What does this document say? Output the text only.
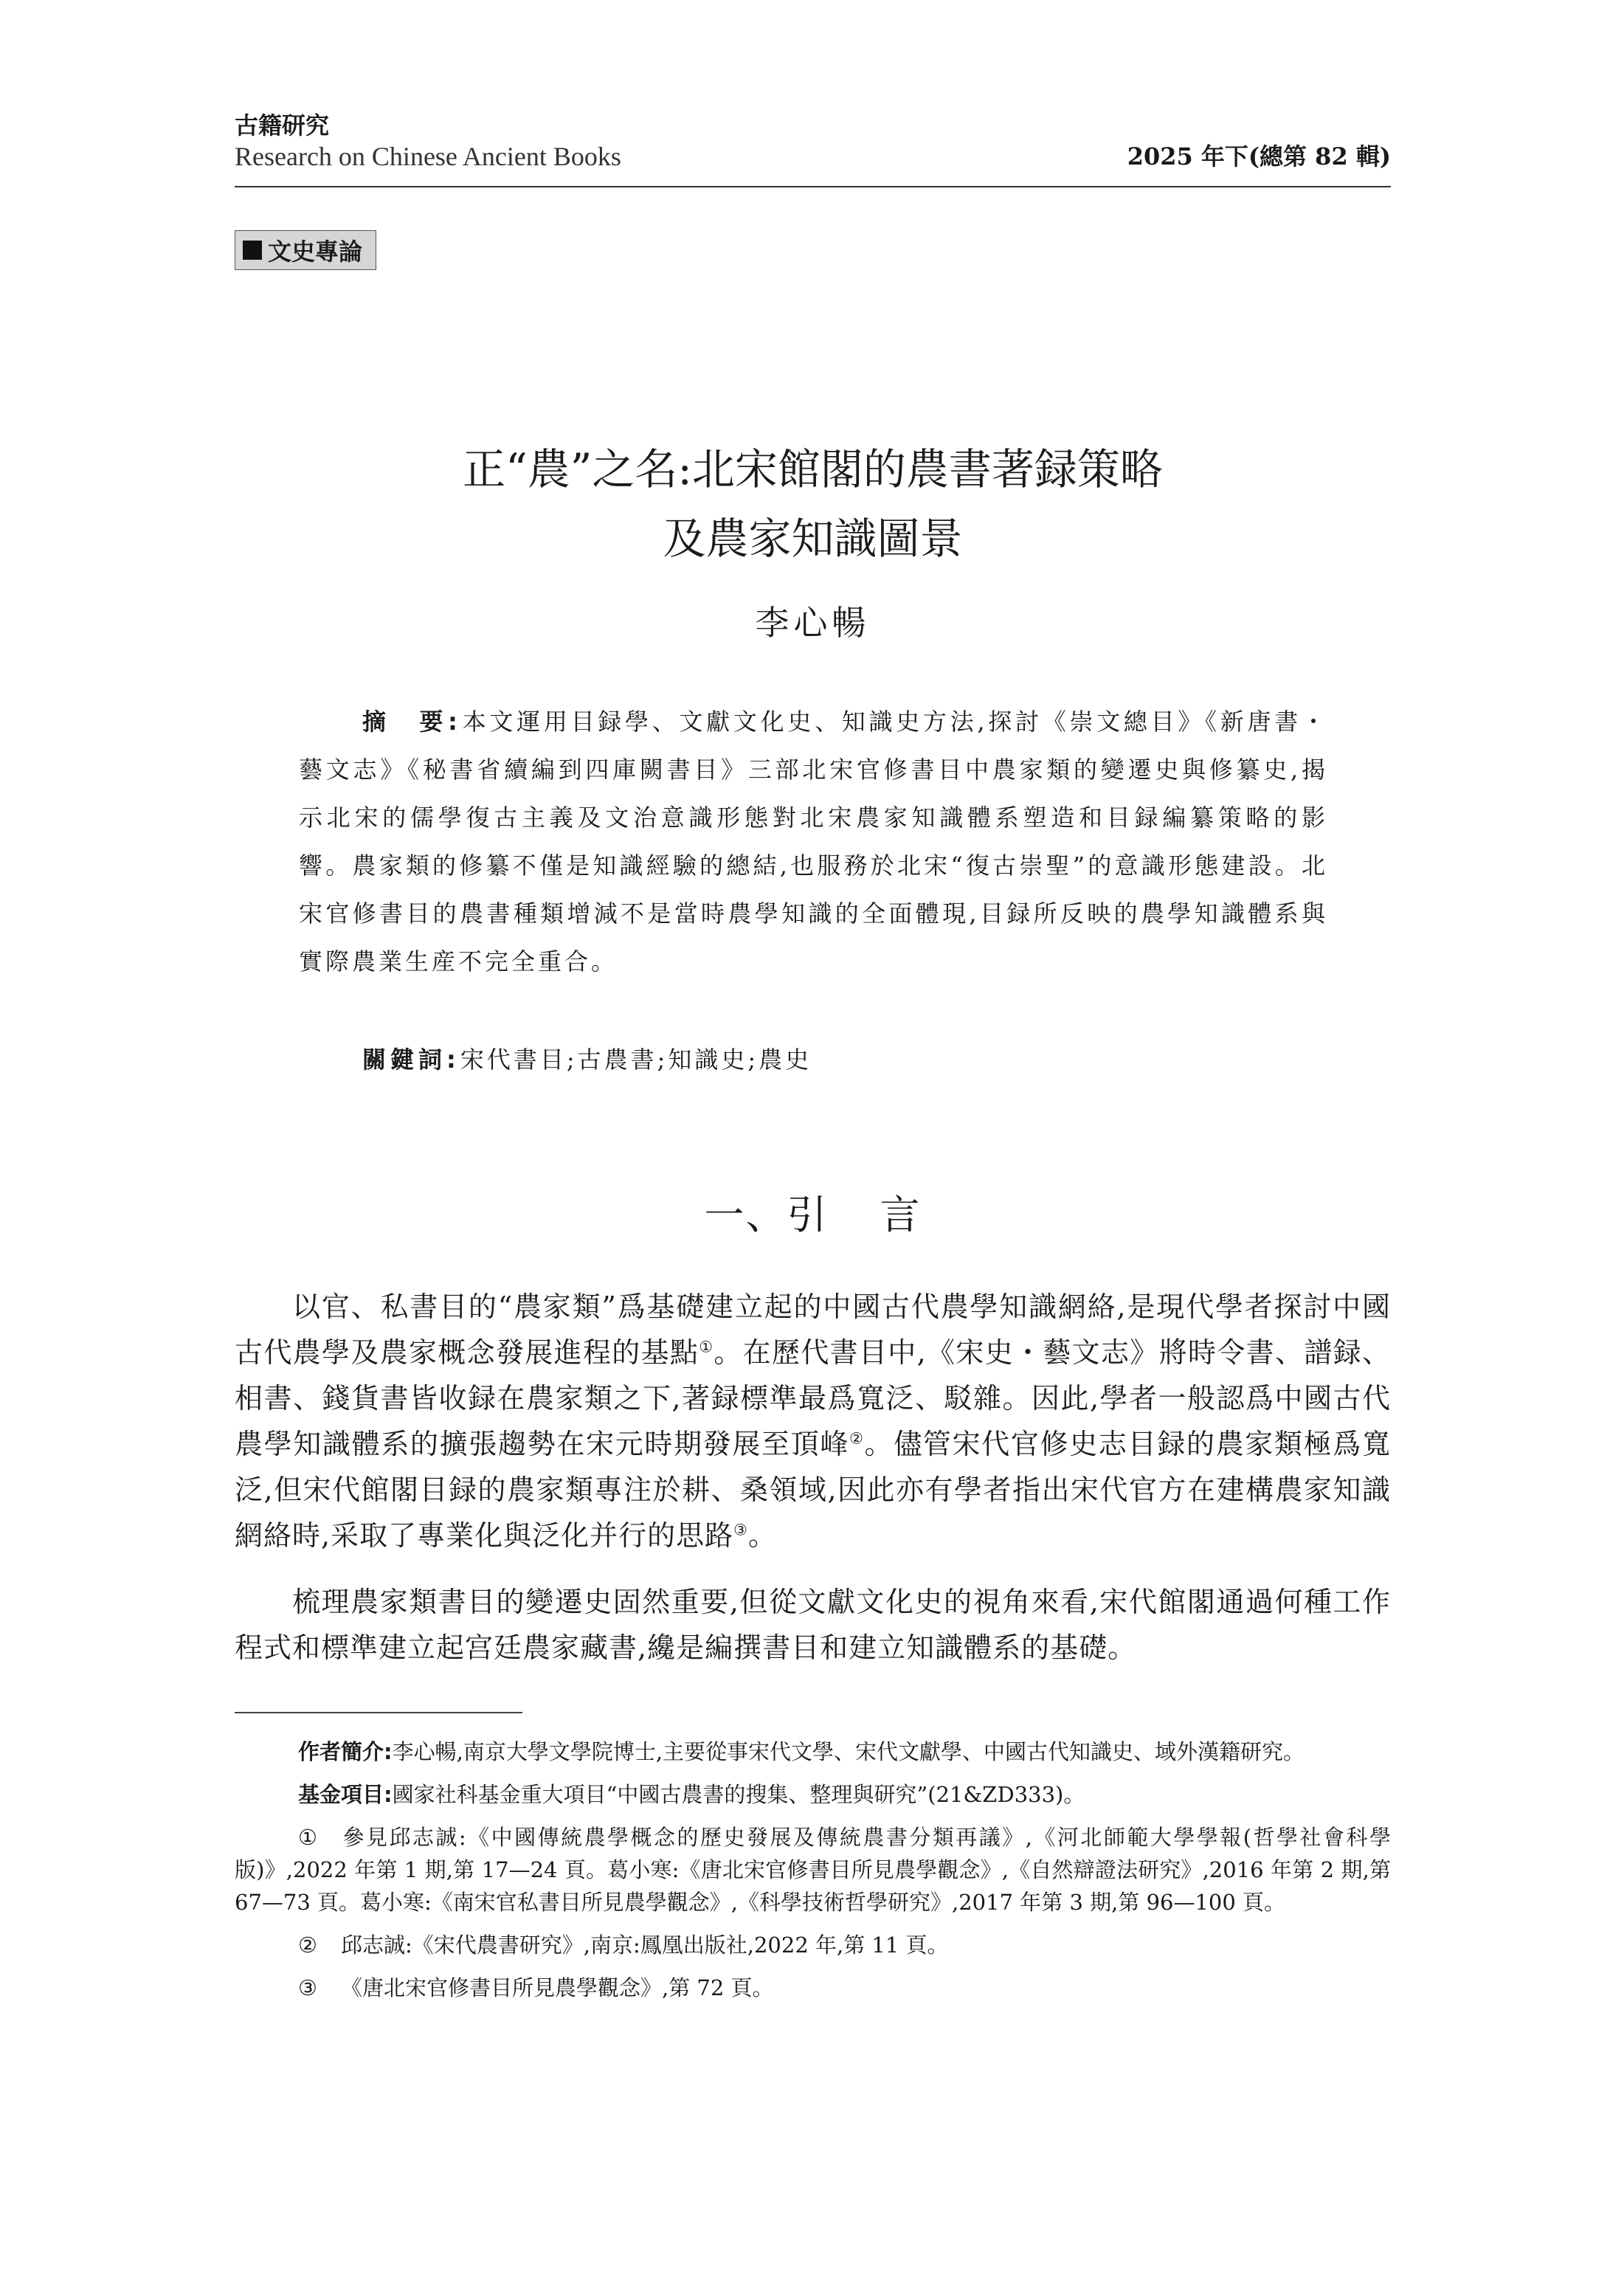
古籍研究
Research on Chinese Ancient Books	2025 年下(總第 82 輯)
文史專論
正“農”之名:北宋館閣的農書著録策略
及農家知識圖景
李心暢
摘　要:本文運用目録學、文獻文化史、知識史方法,探討《崇文總目》《新唐書・藝文志》《秘書省續編到四庫闕書目》三部北宋官修書目中農家類的變遷史與修纂史,揭示北宋的儒學復古主義及文治意識形態對北宋農家知識體系塑造和目録編纂策略的影響。農家類的修纂不僅是知識經驗的總結,也服務於北宋“復古崇聖”的意識形態建設。北宋官修書目的農書種類增減不是當時農學知識的全面體現,目録所反映的農學知識體系與實際農業生産不完全重合。
關鍵詞:宋代書目;古農書;知識史;農史
一、引 言
以官、私書目的“農家類”爲基礎建立起的中國古代農學知識網絡,是現代學者探討中國古代農學及農家概念發展進程的基點①。在歷代書目中,《宋史・藝文志》將時令書、譜録、相書、錢貨書皆收録在農家類之下,著録標準最爲寬泛、駁雜。因此,學者一般認爲中國古代農學知識體系的擴張趨勢在宋元時期發展至頂峰②。儘管宋代官修史志目録的農家類極爲寬泛,但宋代館閣目録的農家類專注於耕、桑領域,因此亦有學者指出宋代官方在建構農家知識網絡時,采取了專業化與泛化并行的思路③。
梳理農家類書目的變遷史固然重要,但從文獻文化史的視角來看,宋代館閣通過何種工作程式和標準建立起宫廷農家藏書,纔是編撰書目和建立知識體系的基礎。

作者簡介:李心暢,南京大學文學院博士,主要從事宋代文學、宋代文獻學、中國古代知識史、域外漢籍研究。

基金項目:國家社科基金重大項目“中國古農書的搜集、整理與研究”(21&ZD333)。

① 參見邱志誠:《中國傳統農學概念的歷史發展及傳統農書分類再議》,《河北師範大學學報(哲學社會科學版)》,2022 年第 1 期,第 17—24 頁。葛小寒:《唐北宋官修書目所見農學觀念》,《自然辯證法研究》,2016 年第 2 期,第 67—73 頁。葛小寒:《南宋官私書目所見農學觀念》,《科學技術哲學研究》,2017 年第 3 期,第 96—100 頁。

② 邱志誠:《宋代農書研究》,南京:鳳凰出版社,2022 年,第 11 頁。

③ 《唐北宋官修書目所見農學觀念》,第 72 頁。
